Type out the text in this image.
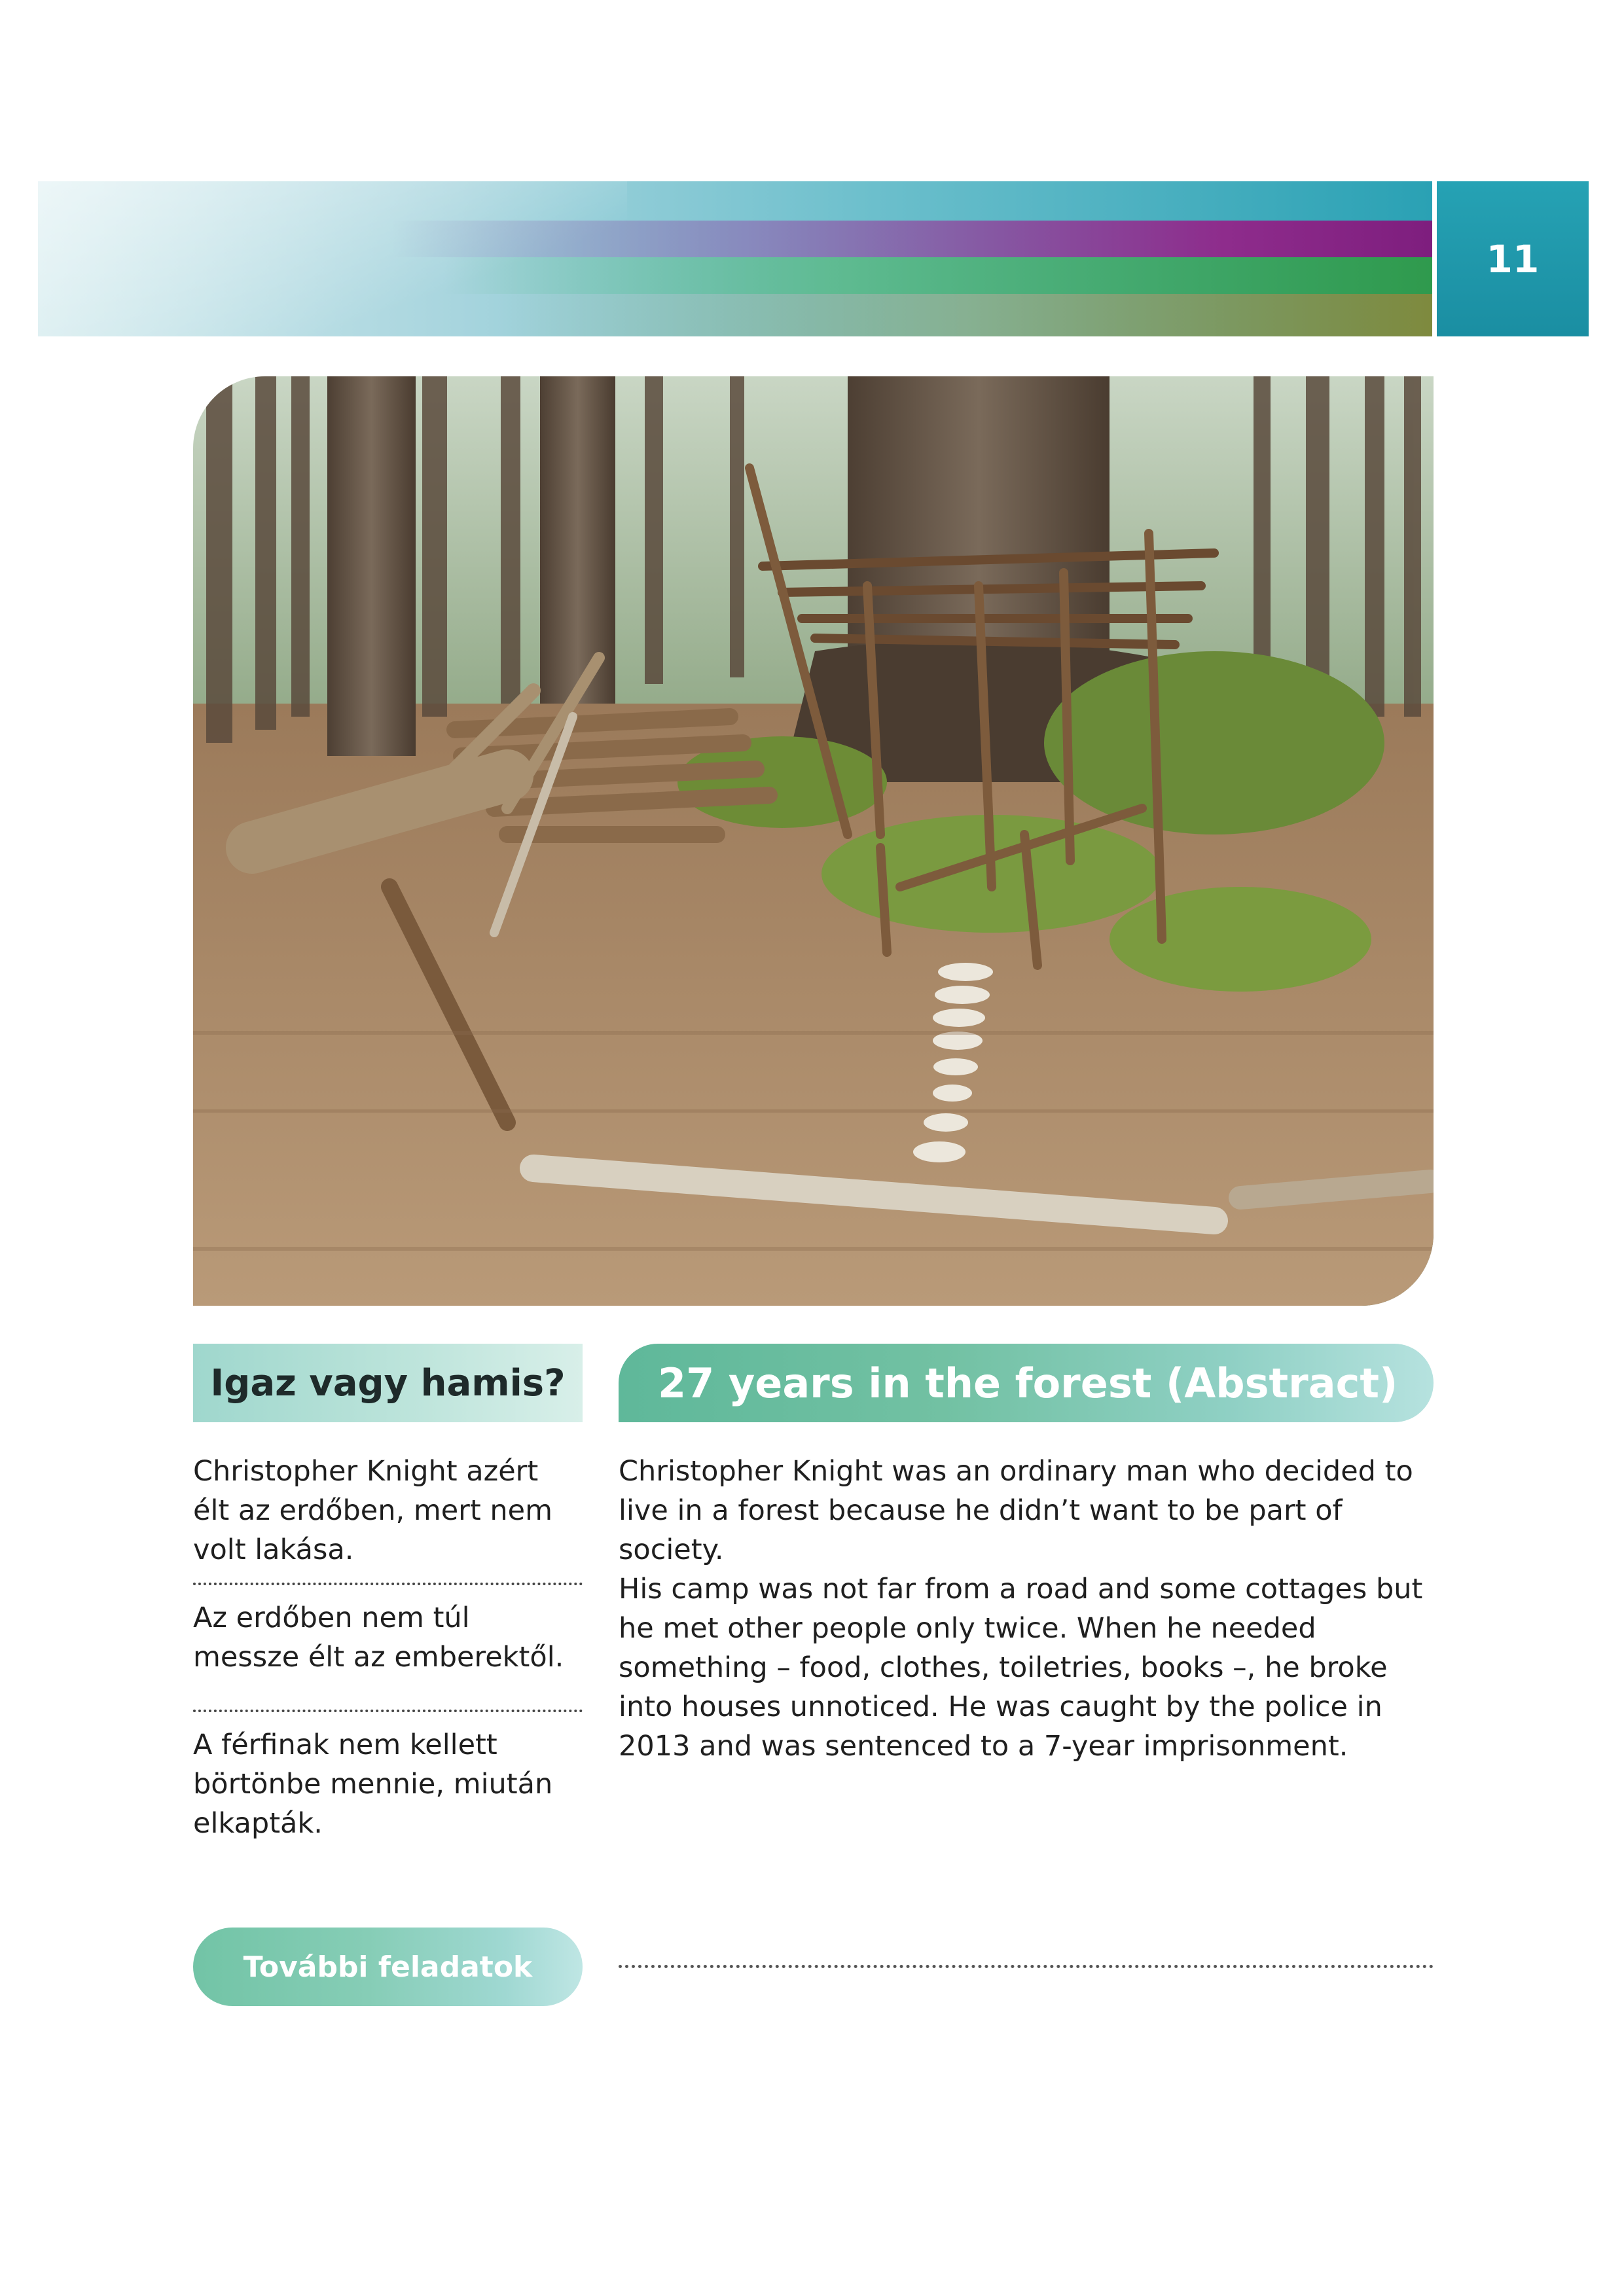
11
Igaz vagy hamis? 27 years in the forest (Abstract)
Christopher Knight azért élt az erdőben, mert nem volt lakása.
Az erdőben nem túl messze élt az emberektől.
A férfinak nem kellett börtönbe mennie, miután elkapták.

Christopher Knight was an ordinary man who decided to live in a forest because he didn’t want to be part of society.

His camp was not far from a road and some cottages but he met other people only twice. When he needed something – food, clothes, toiletries, books –, he broke into houses unnoticed. He was caught by the police in 2013 and was sentenced to a 7-year imprisonment.

További feladatok
